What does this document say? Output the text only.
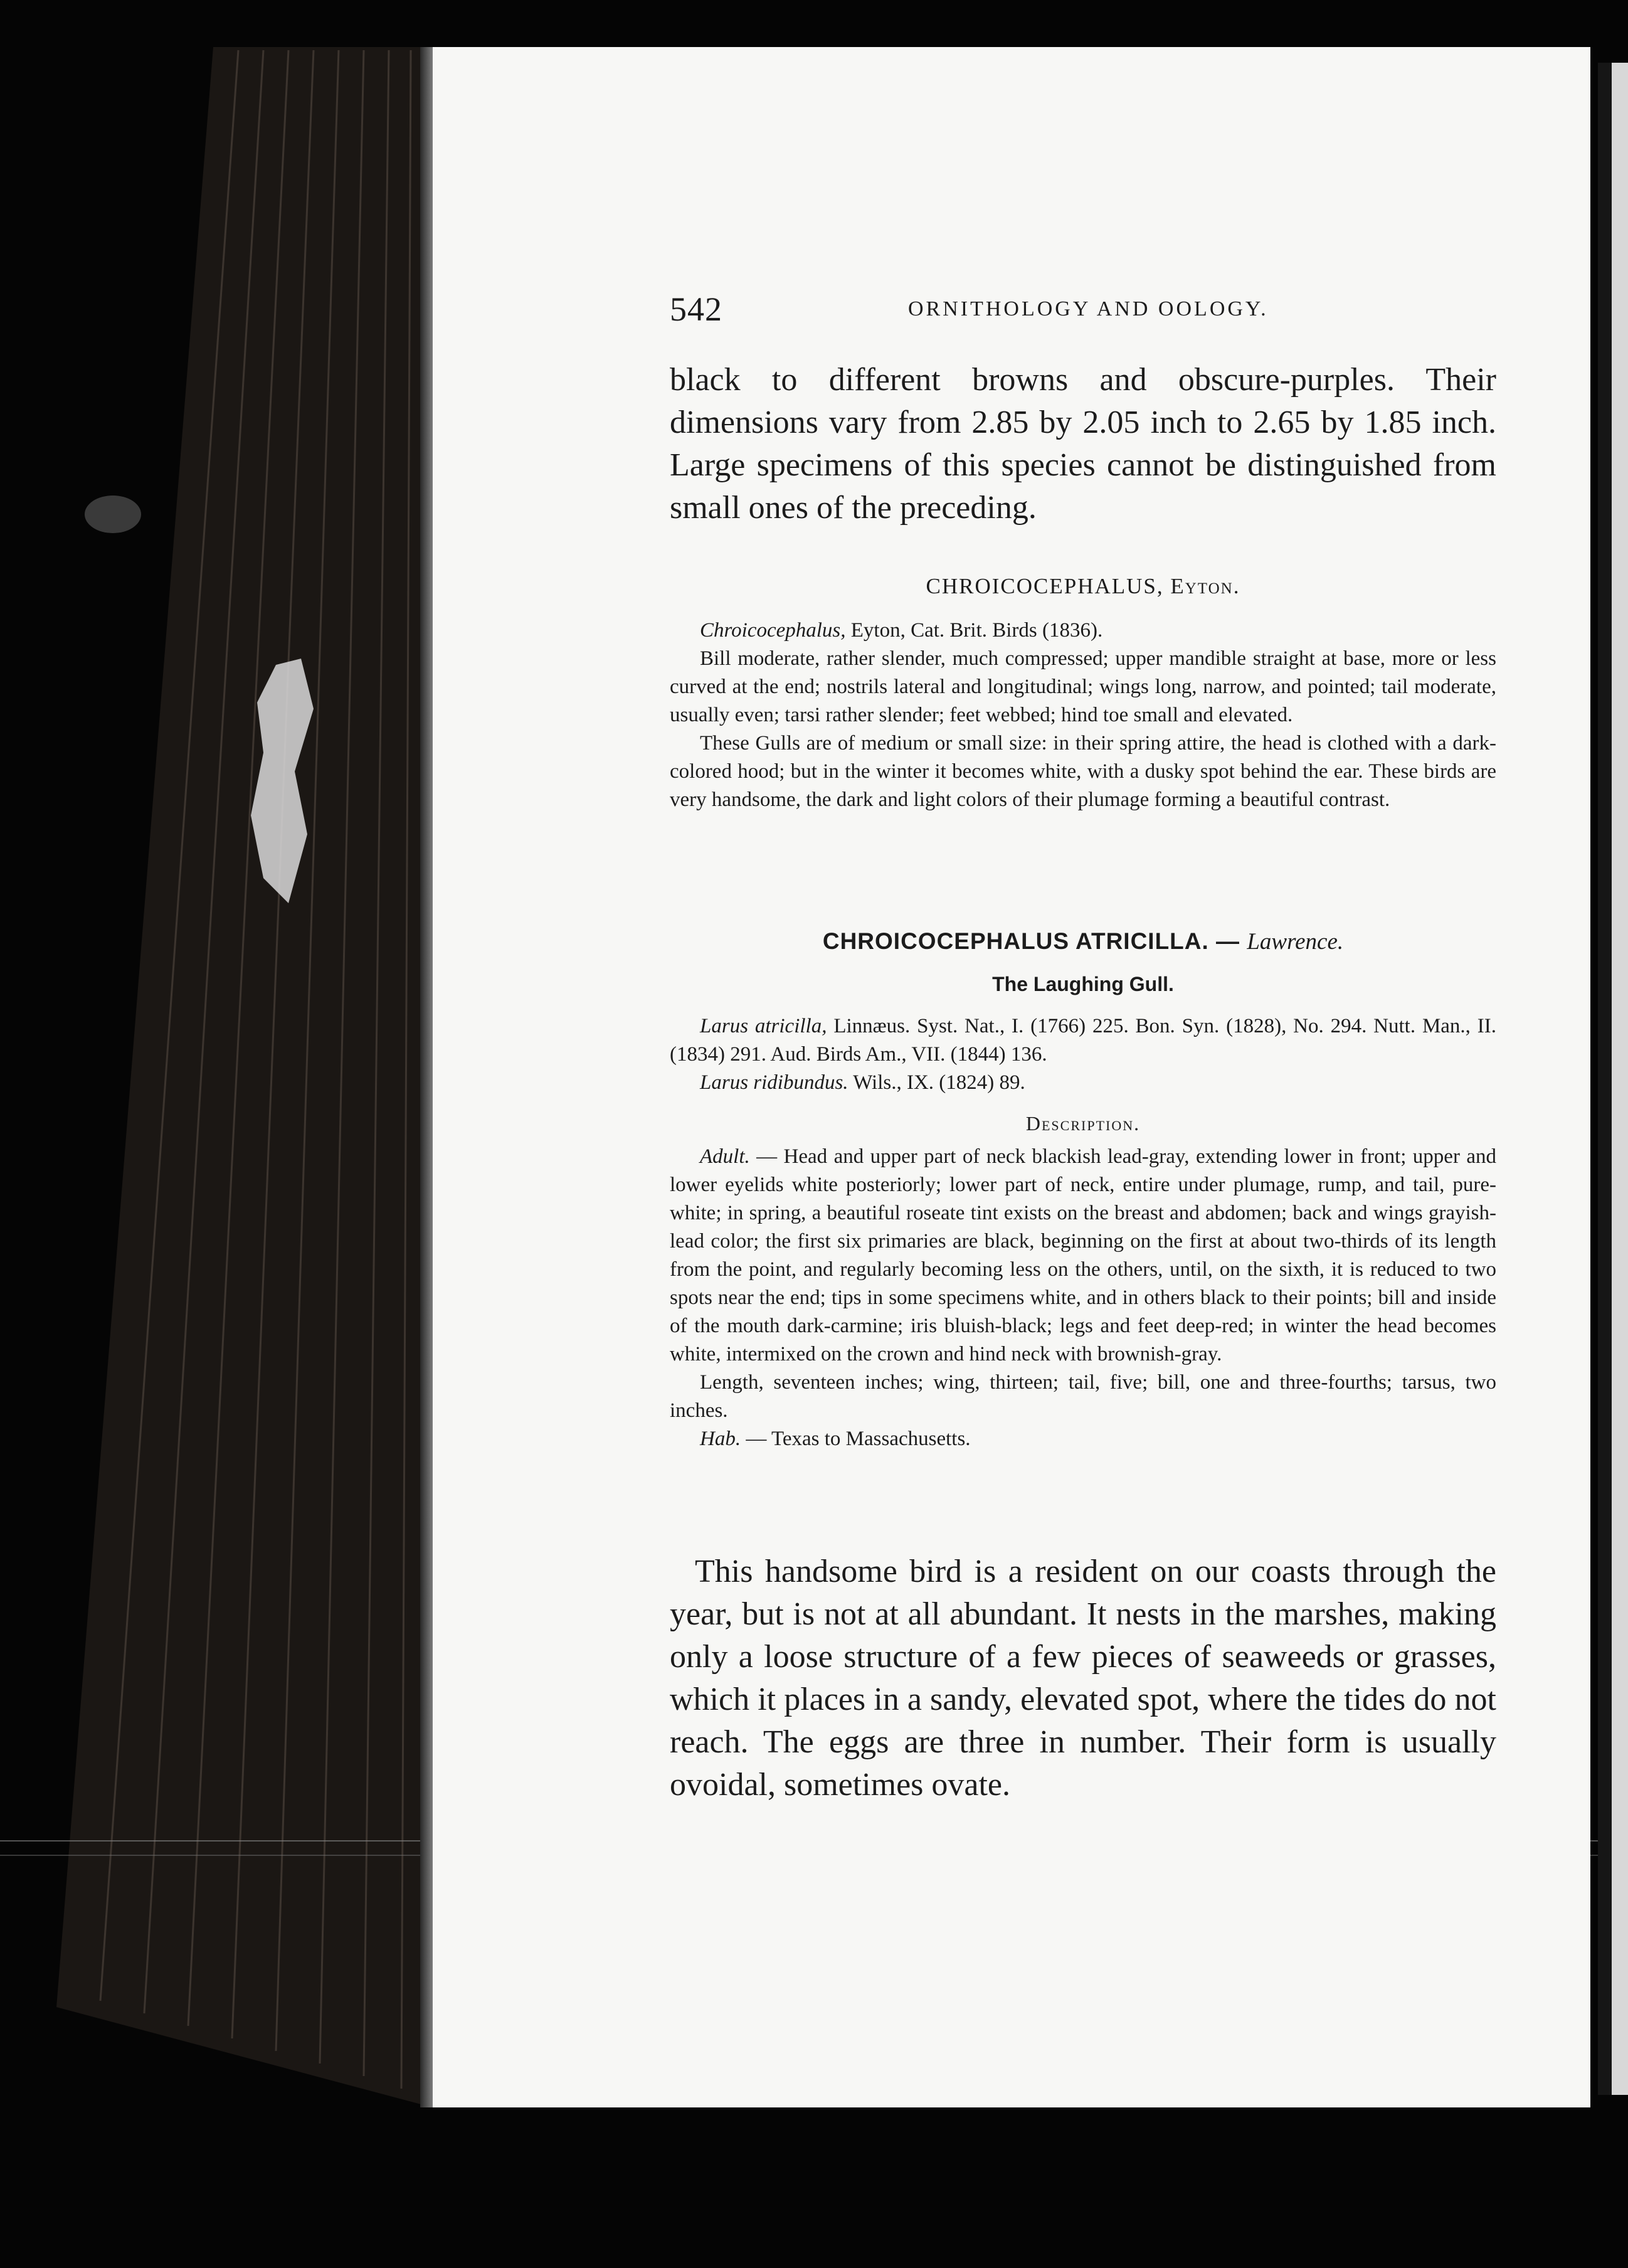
542	ORNITHOLOGY AND OOLOGY.

black to different browns and obscure-purples. Their dimensions vary from 2.85 by 2.05 inch to 2.65 by 1.85 inch. Large specimens of this species cannot be distinguished from small ones of the preceding.

CHROICOCEPHALUS, Eyton.

Chroicocephalus, Eyton, Cat. Brit. Birds (1836).

Bill moderate, rather slender, much compressed; upper mandible straight at base, more or less curved at the end; nostrils lateral and longitudinal; wings long, narrow, and pointed; tail moderate, usually even; tarsi rather slender; feet webbed; hind toe small and elevated.

These Gulls are of medium or small size: in their spring attire, the head is clothed with a dark-colored hood; but in the winter it becomes white, with a dusky spot behind the ear. These birds are very handsome, the dark and light colors of their plumage forming a beautiful contrast.

CHROICOCEPHALUS ATRICILLA. — Lawrence.

The Laughing Gull.

Larus atricilla, Linnæus. Syst. Nat., I. (1766) 225. Bon. Syn. (1828), No. 294. Nutt. Man., II. (1834) 291. Aud. Birds Am., VII. (1844) 136.

Larus ridibundus. Wils., IX. (1824) 89.

Description.

Adult. — Head and upper part of neck blackish lead-gray, extending lower in front; upper and lower eyelids white posteriorly; lower part of neck, entire under plumage, rump, and tail, pure-white; in spring, a beautiful roseate tint exists on the breast and abdomen; back and wings grayish-lead color; the first six primaries are black, beginning on the first at about two-thirds of its length from the point, and regularly becoming less on the others, until, on the sixth, it is reduced to two spots near the end; tips in some specimens white, and in others black to their points; bill and inside of the mouth dark-carmine; iris bluish-black; legs and feet deep-red; in winter the head becomes white, intermixed on the crown and hind neck with brownish-gray.

Length, seventeen inches; wing, thirteen; tail, five; bill, one and three-fourths; tarsus, two inches.

Hab. — Texas to Massachusetts.

This handsome bird is a resident on our coasts through the year, but is not at all abundant. It nests in the marshes, making only a loose structure of a few pieces of seaweeds or grasses, which it places in a sandy, elevated spot, where the tides do not reach. The eggs are three in number. Their form is usually ovoidal, sometimes ovate.
